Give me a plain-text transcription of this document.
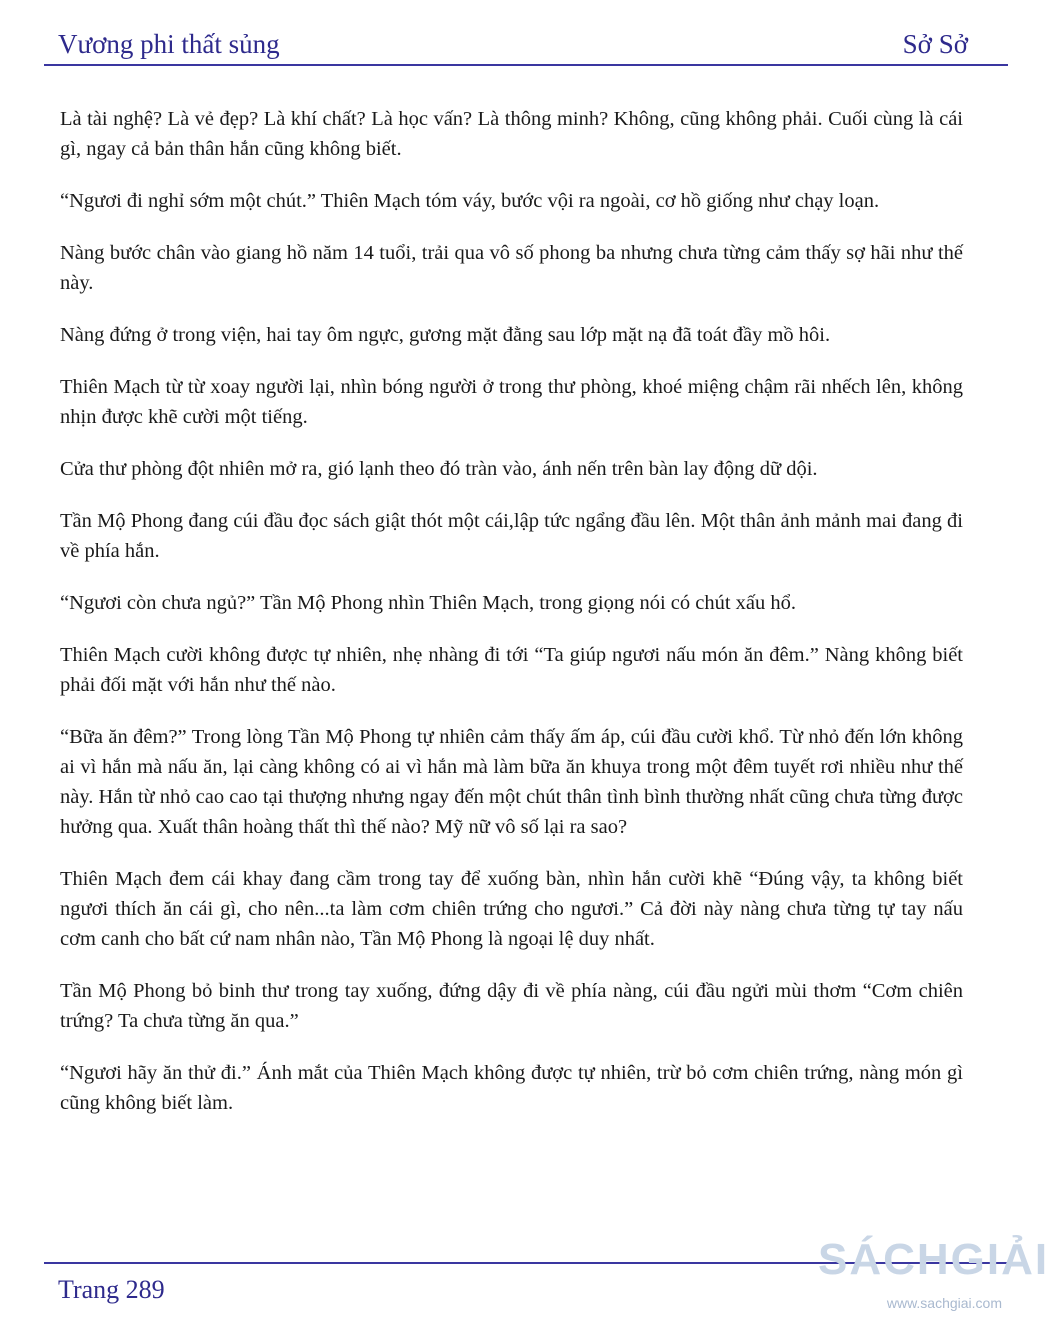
Vương phi thất sủng	Sở Sở

Là tài nghệ? Là vẻ đẹp? Là khí chất? Là học vấn? Là thông minh? Không, cũng không phải. Cuối cùng là cái gì, ngay cả bản thân hắn cũng không biết.

“Ngươi đi nghỉ sớm một chút.” Thiên Mạch tóm váy, bước vội ra ngoài, cơ hồ giống như chạy loạn.

Nàng bước chân vào giang hồ năm 14 tuổi, trải qua vô số phong ba nhưng chưa từng cảm thấy sợ hãi như thế này.

Nàng đứng ở trong viện, hai tay ôm ngực, gương mặt đằng sau lớp mặt nạ đã toát đầy mồ hôi.

Thiên Mạch từ từ xoay người lại, nhìn bóng người ở trong thư phòng, khoé miệng chậm rãi nhếch lên, không nhịn được khẽ cười một tiếng.

Cửa thư phòng đột nhiên mở ra, gió lạnh theo đó tràn vào, ánh nến trên bàn lay động dữ dội.

Tần Mộ Phong đang cúi đầu đọc sách giật thót một cái,lập tức ngẩng đầu lên. Một thân ảnh mảnh mai đang đi về phía hắn.

“Ngươi còn chưa ngủ?” Tần Mộ Phong nhìn Thiên Mạch, trong giọng nói có chút xấu hổ.

Thiên Mạch cười không được tự nhiên, nhẹ nhàng đi tới “Ta giúp ngươi nấu món ăn đêm.” Nàng không biết phải đối mặt với hắn như thế nào.

“Bữa ăn đêm?” Trong lòng Tần Mộ Phong tự nhiên cảm thấy ấm áp, cúi đầu cười khổ. Từ nhỏ đến lớn không ai vì hắn mà nấu ăn, lại càng không có ai vì hắn mà làm bữa ăn khuya trong một đêm tuyết rơi nhiều như thế này. Hắn từ nhỏ cao cao tại thượng nhưng ngay đến một chút thân tình bình thường nhất cũng chưa từng được hưởng qua. Xuất thân hoàng thất thì thế nào? Mỹ nữ vô số lại ra sao?

Thiên Mạch đem cái khay đang cầm trong tay để xuống bàn, nhìn hắn cười khẽ “Đúng vậy, ta không biết ngươi thích ăn cái gì, cho nên...ta làm cơm chiên trứng cho ngươi.” Cả đời này nàng chưa từng tự tay nấu cơm canh cho bất cứ nam nhân nào, Tần Mộ Phong là ngoại lệ duy nhất.

Tần Mộ Phong bỏ binh thư trong tay xuống, đứng dậy đi về phía nàng, cúi đầu ngửi mùi thơm “Cơm chiên trứng? Ta chưa từng ăn qua.”

“Ngươi hãy ăn thử đi.” Ánh mắt của Thiên Mạch không được tự nhiên, trừ bỏ cơm chiên trứng, nàng món gì cũng không biết làm.

Trang 289
SÁCHGIẢI
www.sachgiai.com
